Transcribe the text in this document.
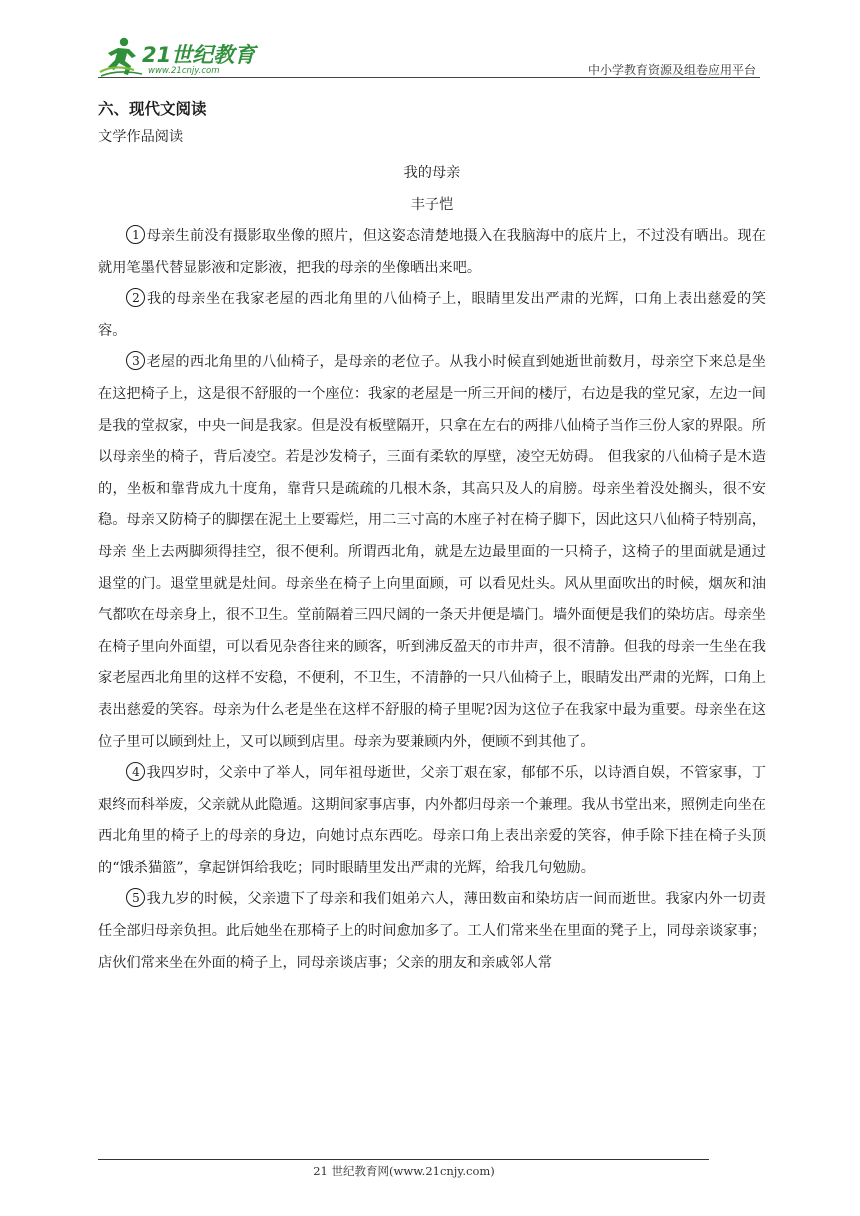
21世纪教育
www.21cnjy.com	中小学教育资源及组卷应用平台
六、现代文阅读
文学作品阅读
我的母亲
丰子恺

1 母亲生前没有摄影取坐像的照片，但这姿态清楚地摄入在我脑海中的底片上，不过没有晒出。现在就用笔墨代替显影液和定影液，把我的母亲的坐像晒出来吧。

2 我的母亲坐在我家老屋的西北角里的八仙椅子上，眼睛里发出严肃的光辉，口角上表出慈爱的笑容。

3 老屋的西北角里的八仙椅子，是母亲的老位子。从我小时候直到她逝世前数月，母亲空下来总是坐在这把椅子上，这是很不舒服的一个座位：我家的老屋是一所三开间的楼厅，右边是我的堂兄家，左边一间是我的堂叔家，中央一间是我家。但是没有板壁隔开，只拿在左右的两排八仙椅子当作三份人家的界限。所以母亲坐的椅子，背后凌空。若是沙发椅子，三面有柔软的厚壁，凌空无妨碍。 但我家的八仙椅子是木造的，坐板和靠背成九十度角，靠背只是疏疏的几根木条，其高只及人的肩膀。母亲坐着没处搁头，很不安稳。母亲又防椅子的脚摆在泥土上要霉烂，用二三寸高的木座子衬在椅子脚下，因此这只八仙椅子特别高，母亲 坐上去两脚须得挂空，很不便利。所谓西北角，就是左边最里面的一只椅子，这椅子的里面就是通过退堂的门。退堂里就是灶间。母亲坐在椅子上向里面顾，可 以看见灶头。风从里面吹出的时候，烟灰和油气都吹在母亲身上，很不卫生。堂前隔着三四尺阔的一条天井便是墙门。墙外面便是我们的染坊店。母亲坐在椅子里向外面望，可以看见杂沓往来的顾客，听到沸反盈天的市井声，很不清静。但我的母亲一生坐在我家老屋西北角里的这样不安稳，不便利，不卫生，不清静的一只八仙椅子上，眼睛发出严肃的光辉，口角上表出慈爱的笑容。母亲为什么老是坐在这样不舒服的椅子里呢?因为这位子在我家中最为重要。母亲坐在这位子里可以顾到灶上，又可以顾到店里。母亲为要兼顾内外，便顾不到其他了。

4 我四岁时，父亲中了举人，同年祖母逝世，父亲丁艰在家，郁郁不乐，以诗酒自娱，不管家事，丁艰终而科举废，父亲就从此隐遁。这期间家事店事，内外都归母亲一个兼理。我从书堂出来，照例走向坐在西北角里的椅子上的母亲的身边，向她讨点东西吃。母亲口角上表出亲爱的笑容，伸手除下挂在椅子头顶的“饿杀猫篮”，拿起饼饵给我吃；同时眼睛里发出严肃的光辉，给我几句勉励。

5 我九岁的时候，父亲遗下了母亲和我们姐弟六人，薄田数亩和染坊店一间而逝世。我家内外一切责任全部归母亲负担。此后她坐在那椅子上的时间愈加多了。工人们常来坐在里面的凳子上，同母亲谈家事；店伙们常来坐在外面的椅子上，同母亲谈店事；父亲的朋友和亲戚邻人常

21 世纪教育网(www.21cnjy.com)
